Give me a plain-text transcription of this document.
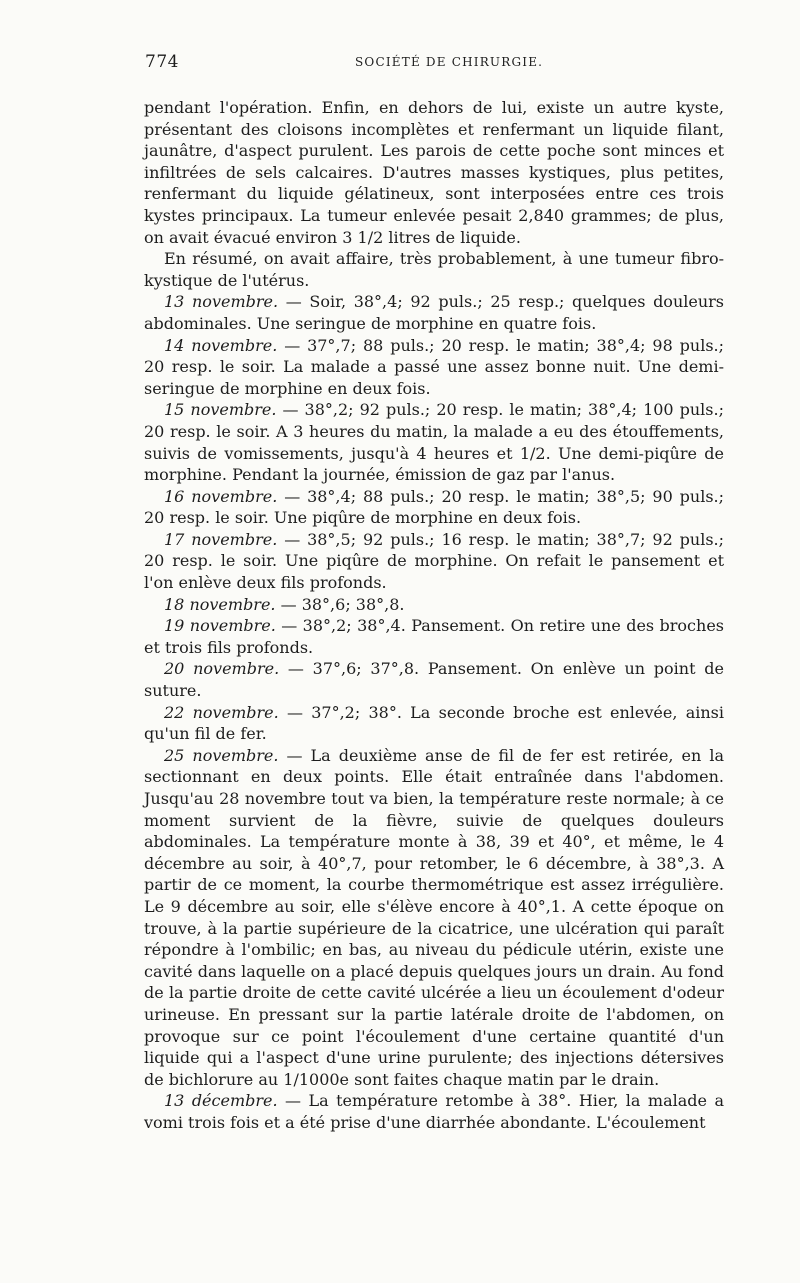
774	SOCIÉTÉ DE CHIRURGIE.

pendant l'opération. Enfin, en dehors de lui, existe un autre kyste, présentant des cloisons incomplètes et renfermant un liquide filant, jaunâtre, d'aspect purulent. Les parois de cette poche sont minces et infiltrées de sels calcaires. D'autres masses kystiques, plus petites, renfermant du liquide gélatineux, sont interposées entre ces trois kystes principaux. La tumeur enlevée pesait 2,840 grammes; de plus, on avait évacué environ 3 1/2 litres de liquide.

En résumé, on avait affaire, très probablement, à une tumeur fibro-kystique de l'utérus.

13 novembre. — Soir, 38°,4; 92 puls.; 25 resp.; quelques douleurs abdominales. Une seringue de morphine en quatre fois.

14 novembre. — 37°,7; 88 puls.; 20 resp. le matin; 38°,4; 98 puls.; 20 resp. le soir. La malade a passé une assez bonne nuit. Une demi-seringue de morphine en deux fois.

15 novembre. — 38°,2; 92 puls.; 20 resp. le matin; 38°,4; 100 puls.; 20 resp. le soir. A 3 heures du matin, la malade a eu des étouffements, suivis de vomissements, jusqu'à 4 heures et 1/2. Une demi-piqûre de morphine. Pendant la journée, émission de gaz par l'anus.

16 novembre. — 38°,4; 88 puls.; 20 resp. le matin; 38°,5; 90 puls.; 20 resp. le soir. Une piqûre de morphine en deux fois.

17 novembre. — 38°,5; 92 puls.; 16 resp. le matin; 38°,7; 92 puls.; 20 resp. le soir. Une piqûre de morphine. On refait le pansement et l'on enlève deux fils profonds.

18 novembre. — 38°,6; 38°,8.

19 novembre. — 38°,2; 38°,4. Pansement. On retire une des broches et trois fils profonds.

20 novembre. — 37°,6; 37°,8. Pansement. On enlève un point de suture.

22 novembre. — 37°,2; 38°. La seconde broche est enlevée, ainsi qu'un fil de fer.

25 novembre. — La deuxième anse de fil de fer est retirée, en la sectionnant en deux points. Elle était entraînée dans l'abdomen. Jusqu'au 28 novembre tout va bien, la température reste normale; à ce moment survient de la fièvre, suivie de quelques douleurs abdominales. La température monte à 38, 39 et 40°, et même, le 4 décembre au soir, à 40°,7, pour retomber, le 6 décembre, à 38°,3. A partir de ce moment, la courbe thermométrique est assez irrégulière. Le 9 décembre au soir, elle s'élève encore à 40°,1. A cette époque on trouve, à la partie supérieure de la cicatrice, une ulcération qui paraît répondre à l'ombilic; en bas, au niveau du pédicule utérin, existe une cavité dans laquelle on a placé depuis quelques jours un drain. Au fond de la partie droite de cette cavité ulcérée a lieu un écoulement d'odeur urineuse. En pressant sur la partie latérale droite de l'abdomen, on provoque sur ce point l'écoulement d'une certaine quantité d'un liquide qui a l'aspect d'une urine purulente; des injections détersives de bichlorure au 1/1000e sont faites chaque matin par le drain.

13 décembre. — La température retombe à 38°. Hier, la malade a vomi trois fois et a été prise d'une diarrhée abondante. L'écoulement
